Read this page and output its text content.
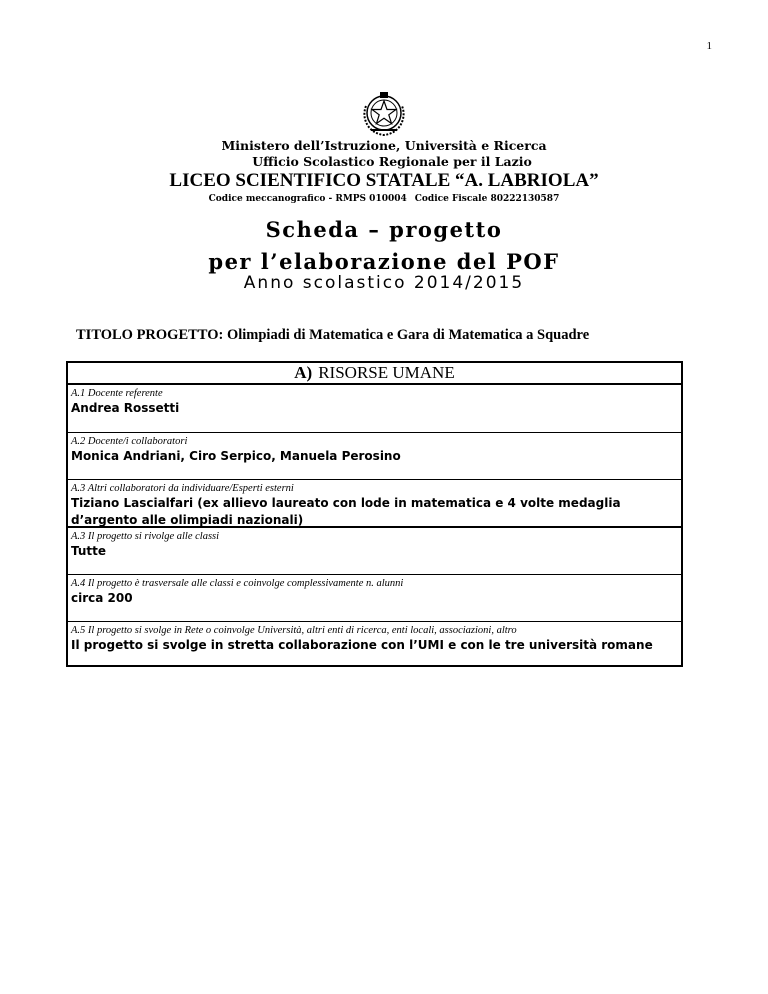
1
Ministero dell’Istruzione, Università e Ricerca
Ufficio Scolastico Regionale per il Lazio
LICEO SCIENTIFICO STATALE “A. LABRIOLA”
Codice meccanografico - RMPS 010004 Codice Fiscale 80222130587
Scheda – progetto
per l’elaborazione del POF
Anno scolastico 2014/2015
TITOLO PROGETTO: Olimpiadi di Matematica e Gara di Matematica a Squadre
A) RISORSE UMANE
A.1 Docente referente
Andrea Rossetti
A.2 Docente/i collaboratori
Monica Andriani, Ciro Serpico, Manuela Perosino
A.3 Altri collaboratori da individuare/Esperti esterni
Tiziano Lascialfari (ex allievo laureato con lode in matematica e 4 volte medaglia d’argento alle olimpiadi nazionali)
A.3 Il progetto si rivolge alle classi
Tutte
A.4 Il progetto è trasversale alle classi e coinvolge complessivamente n. alunni
circa 200
A.5 Il progetto si svolge in Rete o coinvolge Università, altri enti di ricerca, enti locali, associazioni, altro
Il progetto si svolge in stretta collaborazione con l’UMI e con le tre università romane
